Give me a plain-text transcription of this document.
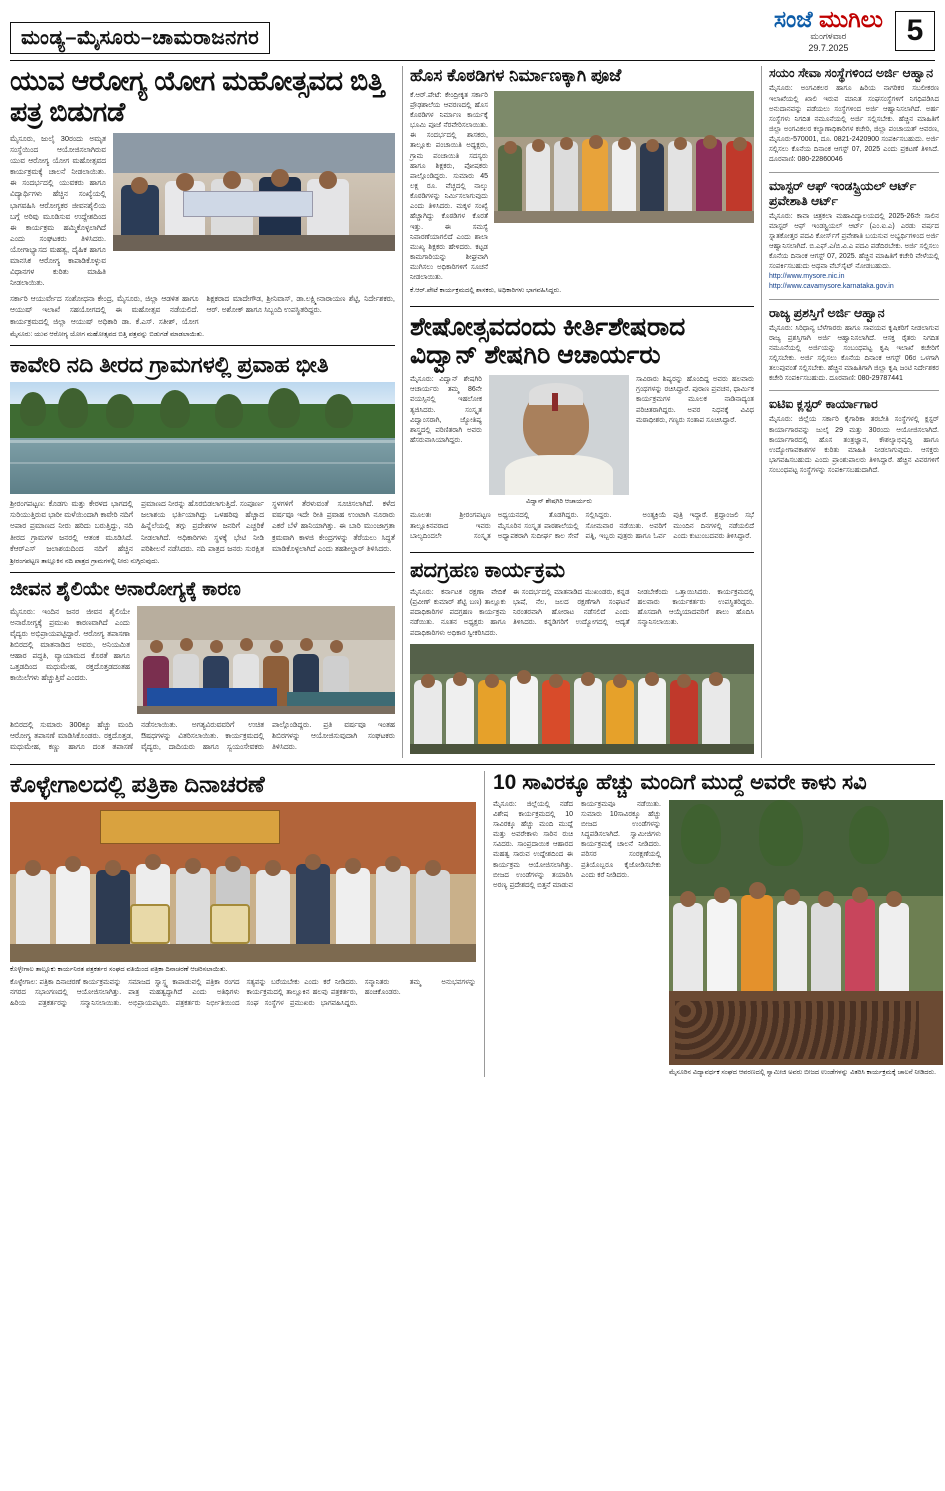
ಮಂಡ್ಯ–ಮೈಸೂರು–ಚಾಮರಾಜನಗರ
ಸಂಜೆ ಮುಗಿಲು
ಮಂಗಳವಾರ
29.7.2025
5
ಯುವ ಆರೋಗ್ಯ ಯೋಗ ಮಹೋತ್ಸವದ ಬಿತ್ತಿ ಪತ್ರ ಬಿಡುಗಡೆ
ಮೈಸೂರು, ಜುಲೈ 30ರಂದು ಅಮೃತ ಸಂಸ್ಥೆಯಿಂದ ಆಯೋಜಿಸಲಾಗಿರುವ ಯುವ ಆರೋಗ್ಯ ಯೋಗ ಮಹೋತ್ಸವದ ಕಾರ್ಯಕ್ರಮಕ್ಕೆ ಚಾಲನೆ ನೀಡಲಾಯಿತು. ಈ ಸಂದರ್ಭದಲ್ಲಿ ಯುವಕರು ಹಾಗೂ ವಿದ್ಯಾರ್ಥಿಗಳು ಹೆಚ್ಚಿನ ಸಂಖ್ಯೆಯಲ್ಲಿ ಭಾಗವಹಿಸಿ ಆರೋಗ್ಯಕರ ಜೀವನಶೈಲಿಯ ಬಗ್ಗೆ ಅರಿವು ಮೂಡಿಸುವ ಉದ್ದೇಶದಿಂದ ಈ ಕಾರ್ಯಕ್ರಮ ಹಮ್ಮಿಕೊಳ್ಳಲಾಗಿದೆ ಎಂದು ಸಂಘಟಕರು ತಿಳಿಸಿದರು. ಯೋಗಾಭ್ಯಾಸದ ಮಹತ್ವ, ದೈಹಿಕ ಹಾಗೂ ಮಾನಸಿಕ ಆರೋಗ್ಯ ಕಾಪಾಡಿಕೊಳ್ಳುವ ವಿಧಾನಗಳ ಕುರಿತು ಮಾಹಿತಿ ನೀಡಲಾಯಿತು.
ಸರ್ಕಾರಿ ಆಯುರ್ವೇದ ಸಂಶೋಧನಾ ಕೇಂದ್ರ, ಮೈಸೂರು, ಜಿಲ್ಲಾ ಆಡಳಿತ ಹಾಗೂ ಆಯುಷ್ ಇಲಾಖೆ ಸಹಯೋಗದಲ್ಲಿ ಈ ಮಹೋತ್ಸವ ನಡೆಯಲಿದೆ. ಕಾರ್ಯಕ್ರಮದಲ್ಲಿ ಜಿಲ್ಲಾ ಆಯುಷ್ ಅಧಿಕಾರಿ ಡಾ. ಕೆ.ಎಸ್. ಸತೀಶ್, ಯೋಗ ಶಿಕ್ಷಕರಾದ ಮಾದೇಗೌಡ, ಶ್ರೀನಿವಾಸ್, ಡಾ.ಲಕ್ಷ್ಮೀನಾರಾಯಣ ಶೆಟ್ಟಿ, ನಿರ್ದೇಶಕರು, ಆರ್. ಅಶೋಕ್ ಹಾಗೂ ಸಿಬ್ಬಂದಿ ಉಪಸ್ಥಿತರಿದ್ದರು.
ಮೈಸೂರು: ಯುವ ಆರೋಗ್ಯ ಯೋಗ ಮಹೋತ್ಸವದ ಬಿತ್ತಿ ಪತ್ರವನ್ನು ಬಿಡುಗಡೆ ಮಾಡಲಾಯಿತು.
ಕಾವೇರಿ ನದಿ ತೀರದ ಗ್ರಾಮಗಳಲ್ಲಿ ಪ್ರವಾಹ ಭೀತಿ
ಶ್ರೀರಂಗಪಟ್ಟಣ: ಕೊಡಗು ಮತ್ತು ಕೇರಳದ ಭಾಗದಲ್ಲಿ ಸುರಿಯುತ್ತಿರುವ ಭಾರೀ ಮಳೆಯಿಂದಾಗಿ ಕಾವೇರಿ ನದಿಗೆ ಅಪಾರ ಪ್ರಮಾಣದ ನೀರು ಹರಿದು ಬರುತ್ತಿದ್ದು, ನದಿ ತೀರದ ಗ್ರಾಮಗಳ ಜನರಲ್ಲಿ ಆತಂಕ ಮೂಡಿಸಿದೆ. ಕೆಆರ್‌ಎಸ್ ಜಲಾಶಯದಿಂದ ನದಿಗೆ ಹೆಚ್ಚಿನ ಪ್ರಮಾಣದ ನೀರನ್ನು ಹೊರಬಿಡಲಾಗುತ್ತಿದೆ. ಸಂಪೂರ್ಣ ಜಲಾಶಯ ಭರ್ತಿಯಾಗಿದ್ದು ಒಳಹರಿವು ಹೆಚ್ಚಾದ ಹಿನ್ನೆಲೆಯಲ್ಲಿ ತಗ್ಗು ಪ್ರದೇಶಗಳ ಜನರಿಗೆ ಎಚ್ಚರಿಕೆ ನೀಡಲಾಗಿದೆ. ಅಧಿಕಾರಿಗಳು ಸ್ಥಳಕ್ಕೆ ಭೇಟಿ ನೀಡಿ ಪರಿಶೀಲನೆ ನಡೆಸಿದರು. ನದಿ ಪಾತ್ರದ ಜನರು ಸುರಕ್ಷಿತ ಸ್ಥಳಗಳಿಗೆ ತೆರಳುವಂತೆ ಸೂಚಿಸಲಾಗಿದೆ. ಕಳೆದ ವರ್ಷವೂ ಇದೇ ರೀತಿ ಪ್ರವಾಹ ಉಂಟಾಗಿ ನೂರಾರು ಎಕರೆ ಬೆಳೆ ಹಾನಿಯಾಗಿತ್ತು. ಈ ಬಾರಿ ಮುಂಜಾಗ್ರತಾ ಕ್ರಮವಾಗಿ ಕಾಳಜಿ ಕೇಂದ್ರಗಳನ್ನು ತೆರೆಯಲು ಸಿದ್ಧತೆ ಮಾಡಿಕೊಳ್ಳಲಾಗಿದೆ ಎಂದು ತಹಶೀಲ್ದಾರ್ ತಿಳಿಸಿದರು.
ಶ್ರೀರಂಗಪಟ್ಟಣ ತಾಲ್ಲೂಕಿನ ನದಿ ಪಾತ್ರದ ಗ್ರಾಮಗಳಲ್ಲಿ ನೀರು ನುಗ್ಗಿರುವುದು.
ಜೀವನ ಶೈಲಿಯೇ ಅನಾರೋಗ್ಯಕ್ಕೆ ಕಾರಣ
ಮೈಸೂರು: ಇಂದಿನ ಜನರ ಜೀವನ ಶೈಲಿಯೇ ಅನಾರೋಗ್ಯಕ್ಕೆ ಪ್ರಮುಖ ಕಾರಣವಾಗಿದೆ ಎಂದು ವೈದ್ಯರು ಅಭಿಪ್ರಾಯಪಟ್ಟಿದ್ದಾರೆ. ಆರೋಗ್ಯ ತಪಾಸಣಾ ಶಿಬಿರದಲ್ಲಿ ಮಾತನಾಡಿದ ಅವರು, ಅನಿಯಮಿತ ಆಹಾರ ಪದ್ಧತಿ, ವ್ಯಾಯಾಮದ ಕೊರತೆ ಹಾಗೂ ಒತ್ತಡದಿಂದ ಮಧುಮೇಹ, ರಕ್ತದೊತ್ತಡದಂತಹ ಕಾಯಿಲೆಗಳು ಹೆಚ್ಚುತ್ತಿವೆ ಎಂದರು.
ಶಿಬಿರದಲ್ಲಿ ಸುಮಾರು 300ಕ್ಕೂ ಹೆಚ್ಚು ಮಂದಿ ಆರೋಗ್ಯ ತಪಾಸಣೆ ಮಾಡಿಸಿಕೊಂಡರು. ರಕ್ತದೊತ್ತಡ, ಮಧುಮೇಹ, ಕಣ್ಣು ಹಾಗೂ ದಂತ ತಪಾಸಣೆ ನಡೆಸಲಾಯಿತು. ಅಗತ್ಯವಿರುವವರಿಗೆ ಉಚಿತ ಔಷಧಗಳನ್ನು ವಿತರಿಸಲಾಯಿತು. ಕಾರ್ಯಕ್ರಮದಲ್ಲಿ ವೈದ್ಯರು, ದಾದಿಯರು ಹಾಗೂ ಸ್ವಯಂಸೇವಕರು ಪಾಲ್ಗೊಂಡಿದ್ದರು. ಪ್ರತಿ ವರ್ಷವೂ ಇಂತಹ ಶಿಬಿರಗಳನ್ನು ಆಯೋಜಿಸುವುದಾಗಿ ಸಂಘಟಕರು ತಿಳಿಸಿದರು.
ಹೊಸ ಕೊಠಡಿಗಳ ನಿರ್ಮಾಣಕ್ಕಾಗಿ ಪೂಜೆ
ಕೆ.ಆರ್.ಪೇಟೆ: ಕೇಂದ್ರೀಕೃತ ಸರ್ಕಾರಿ ಪ್ರೌಢಶಾಲೆಯ ಆವರಣದಲ್ಲಿ ಹೊಸ ಕೊಠಡಿಗಳ ನಿರ್ಮಾಣ ಕಾರ್ಯಕ್ಕೆ ಭೂಮಿ ಪೂಜೆ ನೆರವೇರಿಸಲಾಯಿತು. ಈ ಸಂದರ್ಭದಲ್ಲಿ ಶಾಸಕರು, ತಾಲ್ಲೂಕು ಪಂಚಾಯಿತಿ ಅಧ್ಯಕ್ಷರು, ಗ್ರಾಮ ಪಂಚಾಯಿತಿ ಸದಸ್ಯರು ಹಾಗೂ ಶಿಕ್ಷಕರು, ಪೋಷಕರು ಪಾಲ್ಗೊಂಡಿದ್ದರು. ಸುಮಾರು 45 ಲಕ್ಷ ರೂ. ವೆಚ್ಚದಲ್ಲಿ ನಾಲ್ಕು ಕೊಠಡಿಗಳನ್ನು ನಿರ್ಮಿಸಲಾಗುವುದು ಎಂದು ತಿಳಿಸಿದರು. ಮಕ್ಕಳ ಸಂಖ್ಯೆ ಹೆಚ್ಚಾಗಿದ್ದು ಕೊಠಡಿಗಳ ಕೊರತೆ ಇತ್ತು. ಈ ಸಮಸ್ಯೆ ನಿವಾರಣೆಯಾಗಲಿದೆ ಎಂದು ಶಾಲಾ ಮುಖ್ಯ ಶಿಕ್ಷಕರು ಹೇಳಿದರು. ಕಟ್ಟಡ ಕಾಮಗಾರಿಯನ್ನು ಶೀಘ್ರವಾಗಿ ಮುಗಿಸಲು ಅಧಿಕಾರಿಗಳಿಗೆ ಸೂಚನೆ ನೀಡಲಾಯಿತು.
ಕೆ.ಆರ್.ಪೇಟೆ ಕಾರ್ಯಕ್ರಮದಲ್ಲಿ ಶಾಸಕರು, ಅಧಿಕಾರಿಗಳು ಭಾಗವಹಿಸಿದ್ದರು.
ಶೇಷೋತ್ಸವದಂದು ಕೀರ್ತಿಶೇಷರಾದ ವಿದ್ವಾನ್ ಶೇಷಗಿರಿ ಆಚಾರ್ಯರು
ಮೈಸೂರು: ವಿದ್ವಾನ್ ಶೇಷಗಿರಿ ಆಚಾರ್ಯರು ತಮ್ಮ 86ನೇ ವಯಸ್ಸಿನಲ್ಲಿ ಇಹಲೋಕ ತ್ಯಜಿಸಿದರು. ಸಂಸ್ಕೃತ ವಿದ್ವಾಂಸರಾಗಿ, ಜ್ಯೋತಿಷ್ಯ ಶಾಸ್ತ್ರದಲ್ಲಿ ಪರಿಣಿತರಾಗಿ ಅವರು ಹೆಸರುವಾಸಿಯಾಗಿದ್ದರು.
ವಿದ್ವಾನ್ ಶೇಷಗಿರಿ ಆಚಾರ್ಯರು
ಸಾವಿರಾರು ಶಿಷ್ಯರನ್ನು ಹೊಂದಿದ್ದ ಅವರು ಹಲವಾರು ಗ್ರಂಥಗಳನ್ನು ರಚಿಸಿದ್ದಾರೆ. ಪುರಾಣ ಪ್ರವಚನ, ಧಾರ್ಮಿಕ ಕಾರ್ಯಕ್ರಮಗಳ ಮೂಲಕ ನಾಡಿನಾದ್ಯಂತ ಪರಿಚಿತರಾಗಿದ್ದರು. ಅವರ ನಿಧನಕ್ಕೆ ವಿವಿಧ ಮಠಾಧೀಶರು, ಗಣ್ಯರು ಸಂತಾಪ ಸೂಚಿಸಿದ್ದಾರೆ.
ಮೂಲತಃ ಶ್ರೀರಂಗಪಟ್ಟಣ ತಾಲ್ಲೂಕಿನವರಾದ ಇವರು ಬಾಲ್ಯದಿಂದಲೇ ಸಂಸ್ಕೃತ ಅಧ್ಯಯನದಲ್ಲಿ ತೊಡಗಿದ್ದರು. ಮೈಸೂರಿನ ಸಂಸ್ಕೃತ ಪಾಠಶಾಲೆಯಲ್ಲಿ ಅಧ್ಯಾಪಕರಾಗಿ ಸುದೀರ್ಘ ಕಾಲ ಸೇವೆ ಸಲ್ಲಿಸಿದ್ದರು.	ಅಂತ್ಯಕ್ರಿಯೆ ಸೋಮವಾರ ನಡೆಯಿತು. ಅವರಿಗೆ ಪತ್ನಿ, ಇಬ್ಬರು ಪುತ್ರರು ಹಾಗೂ ಓರ್ವ ಪುತ್ರಿ ಇದ್ದಾರೆ. ಶ್ರದ್ಧಾಂಜಲಿ ಸಭೆ ಮುಂದಿನ ದಿನಗಳಲ್ಲಿ ನಡೆಯಲಿದೆ ಎಂದು ಕುಟುಂಬದವರು ತಿಳಿಸಿದ್ದಾರೆ.
ಪದಗ್ರಹಣ ಕಾರ್ಯಕ್ರಮ
ಮೈಸೂರು: ಕರ್ನಾಟಕ ರಕ್ಷಣಾ ವೇದಿಕೆ (ಪ್ರವೀಣ್ ಕುಮಾರ್ ಶೆಟ್ಟಿ ಬಣ) ತಾಲ್ಲೂಕು ಪದಾಧಿಕಾರಿಗಳ ಪದಗ್ರಹಣ ಕಾರ್ಯಕ್ರಮ ನಡೆಯಿತು. ನೂತನ ಅಧ್ಯಕ್ಷರು ಹಾಗೂ ಪದಾಧಿಕಾರಿಗಳು ಅಧಿಕಾರ ಸ್ವೀಕರಿಸಿದರು.
ಈ ಸಂದರ್ಭದಲ್ಲಿ ಮಾತನಾಡಿದ ಮುಖಂಡರು, ಕನ್ನಡ ಭಾಷೆ, ನೆಲ, ಜಲದ ರಕ್ಷಣೆಗಾಗಿ ಸಂಘಟನೆ ನಿರಂತರವಾಗಿ ಹೋರಾಟ ನಡೆಸಲಿದೆ ಎಂದು ತಿಳಿಸಿದರು. ಕನ್ನಡಿಗರಿಗೆ ಉದ್ಯೋಗದಲ್ಲಿ ಆದ್ಯತೆ ನೀಡಬೇಕೆಂದು ಒತ್ತಾಯಿಸಿದರು. ಕಾರ್ಯಕ್ರಮದಲ್ಲಿ ಹಲವಾರು ಕಾರ್ಯಕರ್ತರು ಉಪಸ್ಥಿತರಿದ್ದರು. ಹೊಸದಾಗಿ ಆಯ್ಕೆಯಾದವರಿಗೆ ಶಾಲು ಹೊದಿಸಿ ಸನ್ಮಾನಿಸಲಾಯಿತು.
ಸಯಂ ಸೇವಾ ಸಂಸ್ಥೆಗಳಿಂದ ಅರ್ಜಿ ಆಹ್ವಾನ
ಮೈಸೂರು: ಅಂಗವಿಕಲರ ಹಾಗೂ ಹಿರಿಯ ನಾಗರಿಕರ ಸಬಲೀಕರಣ ಇಲಾಖೆಯಲ್ಲಿ ಖಾಲಿ ಇರುವ ಮಾನಿತ ಸಂಘಸಂಸ್ಥೆಗಳಿಗೆ ನಿಗಧಿಪಡಿಸಿದ ಅನುದಾನವನ್ನು ಪಡೆಯಲು ಸಂಸ್ಥೆಗಳಿಂದ ಅರ್ಜಿ ಆಹ್ವಾನಿಸಲಾಗಿದೆ. ಅರ್ಹ ಸಂಸ್ಥೆಗಳು ನಿಗದಿತ ನಮೂನೆಯಲ್ಲಿ ಅರ್ಜಿ ಸಲ್ಲಿಸಬೇಕು. ಹೆಚ್ಚಿನ ಮಾಹಿತಿಗೆ ಜಿಲ್ಲಾ ಅಂಗವಿಕಲರ ಕಲ್ಯಾಣಾಧಿಕಾರಿಗಳ ಕಚೇರಿ, ಜಿಲ್ಲಾ ಪಂಚಾಯತ್ ಆವರಣ, ಮೈಸೂರು-570001, ದೂ. 0821-2420900 ಸಂಪರ್ಕಿಸಬಹುದು. ಅರ್ಜಿ ಸಲ್ಲಿಸಲು ಕೊನೆಯ ದಿನಾಂಕ ಆಗಸ್ಟ್ 07, 2025 ಎಂದು ಪ್ರಕಟಣೆ ತಿಳಿಸಿದೆ. ದೂರವಾಣಿ: 080-22860046
ಮಾಸ್ಟರ್ ಆಫ್ ಇಂಡಸ್ಟ್ರಿಯಲ್ ಆರ್ಟ್ ಪ್ರವೇಶಾತಿ ಆರ್ಟ್
ಮೈಸೂರು: ಕಾವಾ ಚಿತ್ರಕಲಾ ಮಹಾವಿದ್ಯಾಲಯದಲ್ಲಿ 2025-26ನೇ ಸಾಲಿನ ಮಾಸ್ಟರ್ ಆಫ್ ಇಂಡಸ್ಟ್ರಿಯಲ್ ಆರ್ಟ್ (ಎಂ.ಐ.ಎ) ಎರಡು ವರ್ಷದ ಸ್ನಾತಕೋತ್ತರ ಪದವಿ ಕೋರ್ಸ್‌ಗೆ ಪ್ರವೇಶಾತಿ ಬಯಸುವ ಅಭ್ಯರ್ಥಿಗಳಿಂದ ಅರ್ಜಿ ಆಹ್ವಾನಿಸಲಾಗಿದೆ. ಬಿ.ಎಫ್.ಎ/ಬಿ.ವಿ.ಎ ಪದವಿ ಪಡೆದಿರಬೇಕು. ಅರ್ಜಿ ಸಲ್ಲಿಸಲು ಕೊನೆಯ ದಿನಾಂಕ ಆಗಸ್ಟ್ 07, 2025. ಹೆಚ್ಚಿನ ಮಾಹಿತಿಗೆ ಕಚೇರಿ ವೇಳೆಯಲ್ಲಿ ಸಂಪರ್ಕಿಸಬಹುದು ಅಥವಾ ವೆಬ್‌ಸೈಟ್ ನೋಡಬಹುದು.
http://www.mysore.nic.in
http://www.cavamysore.karnataka.gov.in
ರಾಜ್ಯ ಪ್ರಶಸ್ತಿಗೆ ಅರ್ಜಿ ಆಹ್ವಾನ
ಮೈಸೂರು: ಸಿರಿಧಾನ್ಯ ಬೆಳೆಗಾರರು ಹಾಗೂ ಸಾವಯವ ಕೃಷಿಕರಿಗೆ ನೀಡಲಾಗುವ ರಾಜ್ಯ ಪ್ರಶಸ್ತಿಗಾಗಿ ಅರ್ಜಿ ಆಹ್ವಾನಿಸಲಾಗಿದೆ. ಆಸಕ್ತ ರೈತರು ನಿಗದಿತ ನಮೂನೆಯಲ್ಲಿ ಅರ್ಜಿಯನ್ನು ಸಂಬಂಧಪಟ್ಟ ಕೃಷಿ ಇಲಾಖೆ ಕಚೇರಿಗೆ ಸಲ್ಲಿಸಬೇಕು. ಅರ್ಜಿ ಸಲ್ಲಿಸಲು ಕೊನೆಯ ದಿನಾಂಕ ಆಗಸ್ಟ್ 06ರ ಒಳಗಾಗಿ ತಲುಪುವಂತೆ ಸಲ್ಲಿಸಬೇಕು. ಹೆಚ್ಚಿನ ಮಾಹಿತಿಗಾಗಿ ಜಿಲ್ಲಾ ಕೃಷಿ ಜಂಟಿ ನಿರ್ದೇಶಕರ ಕಚೇರಿ ಸಂಪರ್ಕಿಸಬಹುದು. ದೂರವಾಣಿ: 080-29787441
ಐಟಿಐ ಕ್ಲಸ್ಟರ್ ಕಾರ್ಯಾಗಾರ
ಮೈಸೂರು: ಜಿಲ್ಲೆಯ ಸರ್ಕಾರಿ ಕೈಗಾರಿಕಾ ತರಬೇತಿ ಸಂಸ್ಥೆಗಳಲ್ಲಿ ಕ್ಲಸ್ಟರ್ ಕಾರ್ಯಾಗಾರವನ್ನು ಜುಲೈ 29 ಮತ್ತು 30ರಂದು ಆಯೋಜಿಸಲಾಗಿದೆ. ಕಾರ್ಯಾಗಾರದಲ್ಲಿ ಹೊಸ ತಂತ್ರಜ್ಞಾನ, ಕೌಶಲ್ಯಾಭಿವೃದ್ಧಿ ಹಾಗೂ ಉದ್ಯೋಗಾವಕಾಶಗಳ ಕುರಿತು ಮಾಹಿತಿ ನೀಡಲಾಗುವುದು. ಆಸಕ್ತರು ಭಾಗವಹಿಸಬಹುದು ಎಂದು ಪ್ರಾಂಶುಪಾಲರು ತಿಳಿಸಿದ್ದಾರೆ. ಹೆಚ್ಚಿನ ವಿವರಗಳಿಗೆ ಸಂಬಂಧಪಟ್ಟ ಸಂಸ್ಥೆಗಳನ್ನು ಸಂಪರ್ಕಿಸಬಹುದಾಗಿದೆ.
ಕೊಳ್ಳೇಗಾಲದಲ್ಲಿ ಪತ್ರಿಕಾ ದಿನಾಚರಣೆ
ಕೊಳ್ಳೇಗಾಲ ತಾಲ್ಲೂಕು ಕಾರ್ಯನಿರತ ಪತ್ರಕರ್ತರ ಸಂಘದ ವತಿಯಿಂದ ಪತ್ರಿಕಾ ದಿನಾಚರಣೆ ಆಚರಿಸಲಾಯಿತು.
ಕೊಳ್ಳೇಗಾಲ: ಪತ್ರಿಕಾ ದಿನಾಚರಣೆ ಕಾರ್ಯಕ್ರಮವನ್ನು ನಗರದ ಸಭಾಂಗಣದಲ್ಲಿ ಆಯೋಜಿಸಲಾಗಿತ್ತು. ಹಿರಿಯ ಪತ್ರಕರ್ತರನ್ನು ಸನ್ಮಾನಿಸಲಾಯಿತು. ಸಮಾಜದ ಸ್ವಾಸ್ಥ್ಯ ಕಾಪಾಡುವಲ್ಲಿ ಪತ್ರಿಕಾ ರಂಗದ ಪಾತ್ರ ಮಹತ್ವದ್ದಾಗಿದೆ ಎಂದು ಅತಿಥಿಗಳು ಅಭಿಪ್ರಾಯಪಟ್ಟರು. ಪತ್ರಕರ್ತರು ನಿರ್ಭೀತಿಯಿಂದ ಸತ್ಯವನ್ನು ಬರೆಯಬೇಕು ಎಂದು ಕರೆ ನೀಡಿದರು. ಕಾರ್ಯಕ್ರಮದಲ್ಲಿ ತಾಲ್ಲೂಕಿನ ಹಲವು ಪತ್ರಕರ್ತರು, ಸಂಘ ಸಂಸ್ಥೆಗಳ ಪ್ರಮುಖರು ಭಾಗವಹಿಸಿದ್ದರು. ಸನ್ಮಾನಿತರು ತಮ್ಮ ಅನುಭವಗಳನ್ನು ಹಂಚಿಕೊಂಡರು.
10 ಸಾವಿರಕ್ಕೂ ಹೆಚ್ಚು ಮಂದಿಗೆ ಮುದ್ದೆ ಅವರೇ ಕಾಳು ಸವಿ
ಮೈಸೂರು: ಜಿಲ್ಲೆಯಲ್ಲಿ ನಡೆದ ವಿಶೇಷ ಕಾರ್ಯಕ್ರಮದಲ್ಲಿ 10 ಸಾವಿರಕ್ಕೂ ಹೆಚ್ಚು ಮಂದಿ ಮುದ್ದೆ ಮತ್ತು ಅವರೇಕಾಳು ಸಾರಿನ ರುಚಿ ಸವಿದರು. ಸಾಂಪ್ರದಾಯಿಕ ಆಹಾರದ ಮಹತ್ವ ಸಾರುವ ಉದ್ದೇಶದಿಂದ ಈ ಕಾರ್ಯಕ್ರಮ ಆಯೋಜಿಸಲಾಗಿತ್ತು. ಬೀಜದ ಉಂಡೆಗಳನ್ನು ತಯಾರಿಸಿ ಅರಣ್ಯ ಪ್ರದೇಶದಲ್ಲಿ ಬಿತ್ತನೆ ಮಾಡುವ ಕಾರ್ಯಕ್ರಮವೂ ನಡೆಯಿತು. ಸುಮಾರು 10ಸಾವಿರಕ್ಕೂ ಹೆಚ್ಚು ಬೀಜದ ಉಂಡೆಗಳನ್ನು ಸಿದ್ಧಪಡಿಸಲಾಗಿದೆ. ಸ್ವಾಮೀಜಿಗಳು ಕಾರ್ಯಕ್ರಮಕ್ಕೆ ಚಾಲನೆ ನೀಡಿದರು. ಪರಿಸರ ಸಂರಕ್ಷಣೆಯಲ್ಲಿ ಪ್ರತಿಯೊಬ್ಬರೂ ಕೈಜೋಡಿಸಬೇಕು ಎಂದು ಕರೆ ನೀಡಿದರು.
ಮೈಸೂರಿನ ವಿದ್ಯಾವರ್ಧಕ ಸಂಘದ ಆವರಣದಲ್ಲಿ ಸ್ವಾಮೀಜಿ ಅವರು ಬೀಜದ ಉಂಡೆಗಳನ್ನು ವಿತರಿಸಿ ಕಾರ್ಯಕ್ರಮಕ್ಕೆ ಚಾಲನೆ ನೀಡಿದರು.
